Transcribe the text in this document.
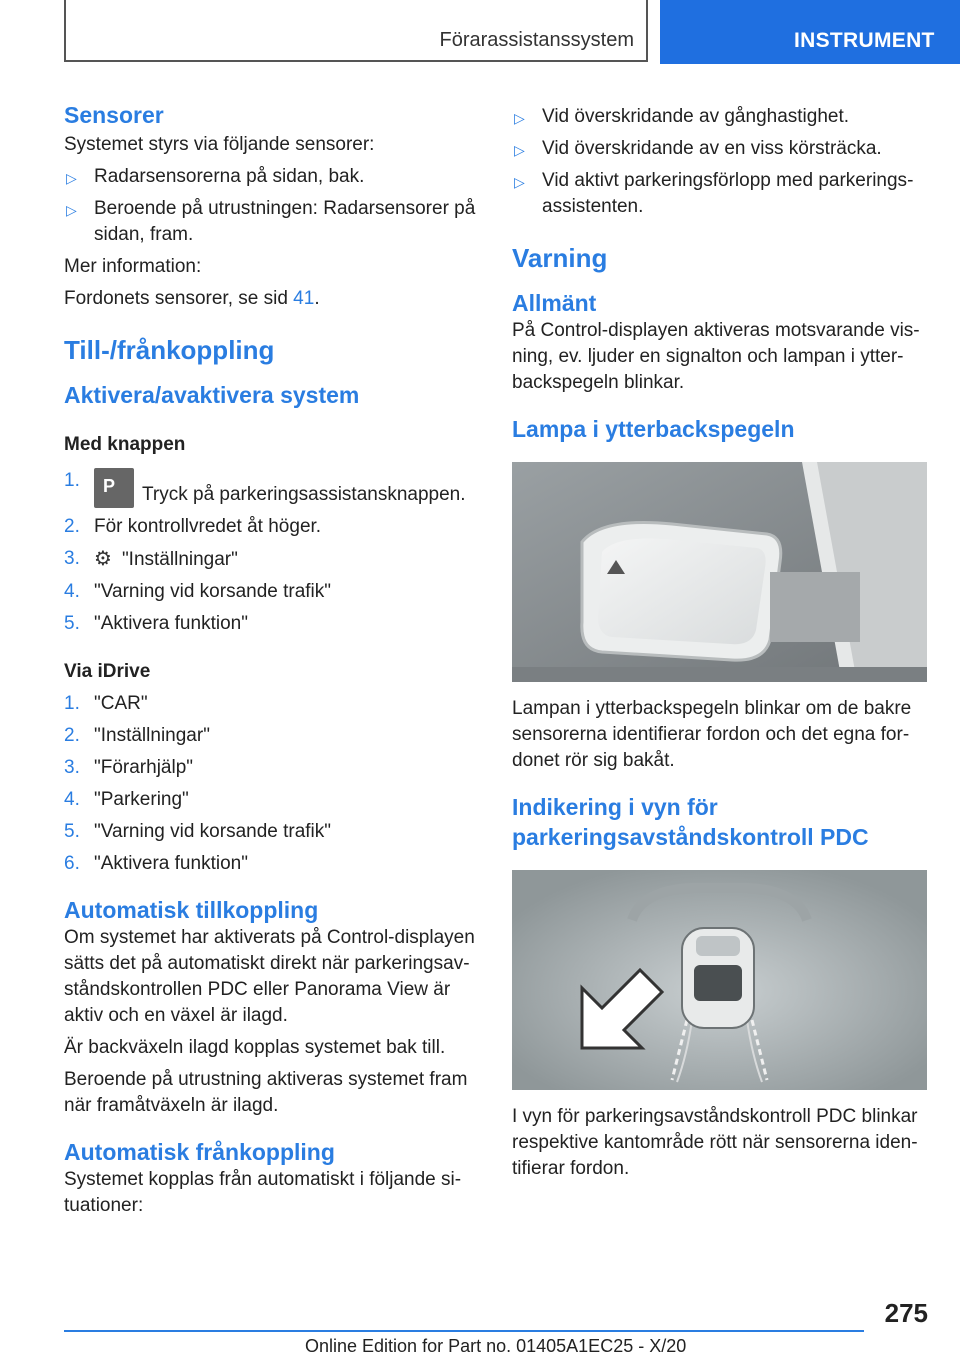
Förarassistanssystem	INSTRUMENT
Sensorer

Systemet styrs via följande sensorer:

▷ Radarsensorerna på sidan, bak.
▷ Beroende på utrustningen: Radarsensorer på sidan, fram.

Mer information:

Fordonets sensorer, se sid 41.

Till-/frånkoppling
Aktivera/avaktivera system
Med knappen
1. P Tryck på parkeringsassistansknappen.
2. För kontrollvredet åt höger.
3. ⚙ "Inställningar"
4. "Varning vid korsande trafik"
5. "Aktivera funktion"
Via iDrive
1. "CAR"
2. "Inställningar"
3. "Förarhjälp"
4. "Parkering"
5. "Varning vid korsande trafik"
6. "Aktivera funktion"
Automatisk tillkoppling

Om systemet har aktiverats på Control-displayen sätts det på automatiskt direkt när parkeringsavståndskontrollen PDC eller Panorama View är aktiv och en växel är ilagd.

Är backväxeln ilagd kopplas systemet bak till.

Beroende på utrustning aktiveras systemet fram när framåtväxeln är ilagd.

Automatisk frånkoppling

Systemet kopplas från automatiskt i följande situationer:

▷ Vid överskridande av gånghastighet.
▷ Vid överskridande av en viss körsträcka.
▷ Vid aktivt parkeringsförlopp med parkeringsassistenten.
Varning
Allmänt

På Control-displayen aktiveras motsvarande visning, ev. ljuder en signalton och lampan i ytterbackspegeln blinkar.

Lampa i ytterbackspegeln

Lampan i ytterbackspegeln blinkar om de bakre sensorerna identifierar fordon och det egna fordonet rör sig bakåt.

Indikering i vyn för parkeringsavståndskontroll PDC

I vyn för parkeringsavståndskontroll PDC blinkar respektive kantområde rött när sensorerna identifierar fordon.

275
Online Edition for Part no. 01405A1EC25 - X/20
